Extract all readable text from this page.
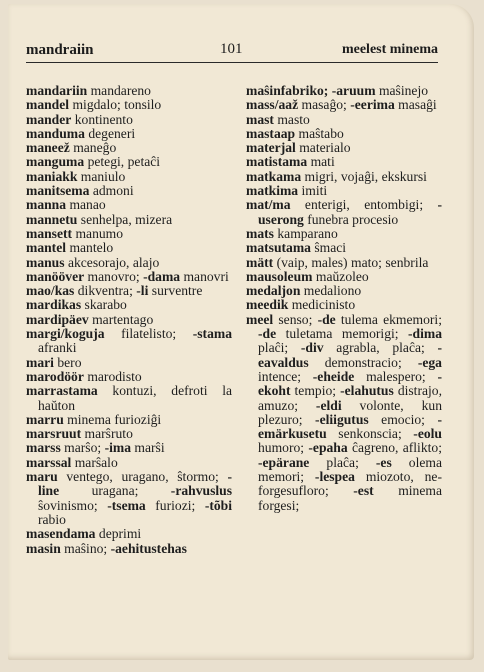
mandraiin	101	meelest minema

mandariin mandareno

mandel migdalo; tonsilo

mander kontinento

manduma degeneri

maneež maneĝo

manguma petegi, petaĉi

maniakk maniulo

manitsema admoni

manna manao

mannetu senhelpa, mizera

mansett manumo

mantel mantelo

manus akcesorajo, alajo

manööver manovro; -dama manovri

mao/kas dikventra; -li surventre

mardikas skarabo

mardipäev martentago

margi/koguja filatelisto; -stama afranki

mari bero

marodöör marodisto

marrastama kontuzi, defroti la haŭton

marru minema furioziĝi

marsruut marŝruto

marss marŝo; -ima marŝi

marssal marŝalo

maru ventego, uragano, ŝtormo; -line uragana; -rahvuslus ŝovinismo; -tsema furiozi; -tõbi rabio

masendama deprimi

masin maŝino; -aehitustehas

maŝinfabriko; -aruum maŝinejo

mass/aaž masaĝo; -eerima masaĝi

mast masto

mastaap maŝtabo

materjal materialo

matistama mati

matkama migri, vojaĝi, ekskursi

matkima imiti

mat/ma enterigi, entombigi; -userong funebra procesio

mats kamparano

matsutama ŝmaci

mätt (vaip, males) mato; senbrila

mausoleum maŭzoleo

medaljon medaliono

meedik medicinisto

meel senso; -de tulema ekmemori; -de tuletama memorigi; -dima plaĉi; -div agrabla, plaĉa; -eavaldus demonstracio; -ega intence; -eheide malespero; -ekoht tempio; -elahutus distrajo, amuzo; -eldi volonte, kun plezuro; -eliigutus emocio; -emärkusetu senkonscia; -eolu humoro; -epaha ĉagreno, aflikto; -epärane plaĉa; -es olema memori; -lespea miozoto, ne-forgesufloro; -est minema forgesi;
